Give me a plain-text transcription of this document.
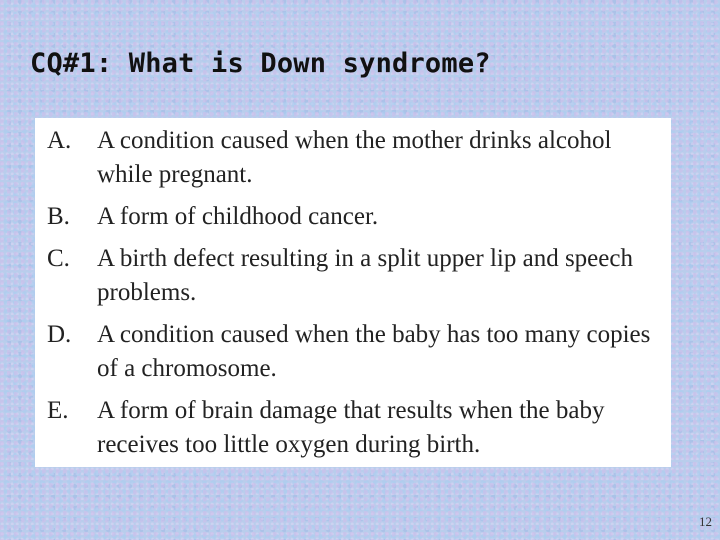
CQ#1: What is Down syndrome?
A.	A condition caused when the mother drinks alcohol while pregnant.
B.	A form of childhood cancer.
C.	A birth defect resulting in a split upper lip and speech problems.
D.	A condition caused when the baby has too many copies of a chromosome.
E.	A form of brain damage that results when the baby receives too little oxygen during birth.
12
